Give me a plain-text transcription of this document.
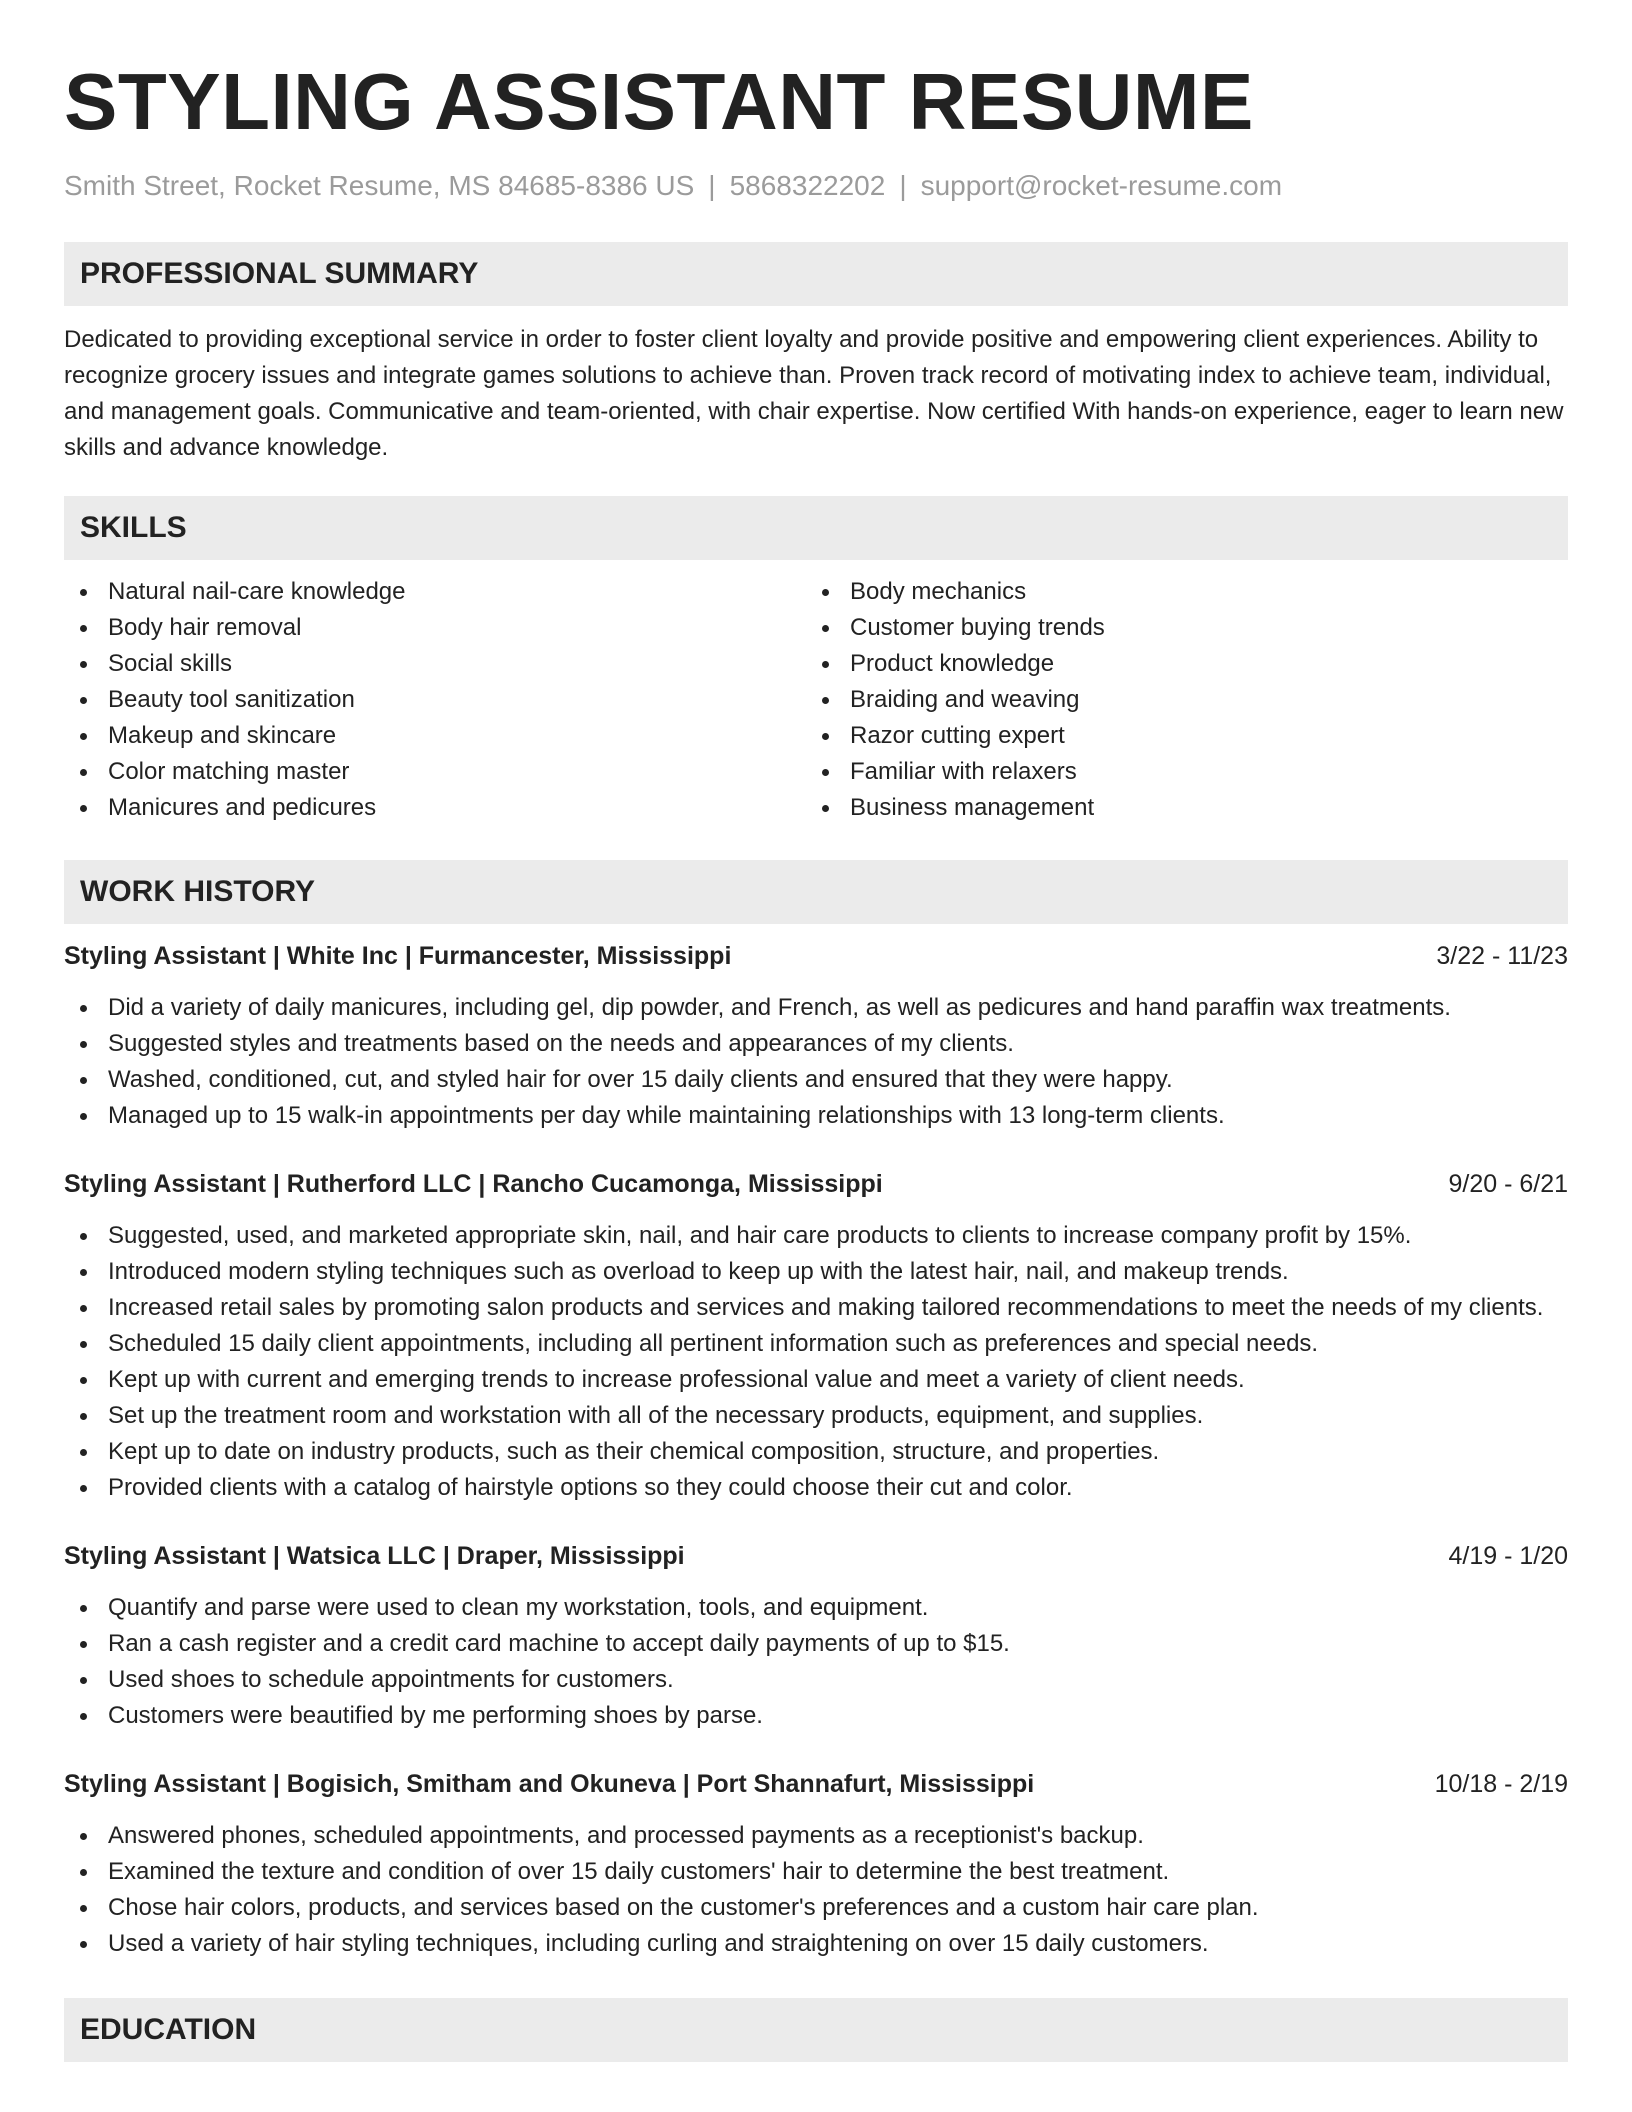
STYLING ASSISTANT RESUME
Smith Street, Rocket Resume, MS 84685-8386 US | 5868322202 | support@rocket-resume.com
PROFESSIONAL SUMMARY

Dedicated to providing exceptional service in order to foster client loyalty and provide positive and empowering client experiences. Ability to recognize grocery issues and integrate games solutions to achieve than. Proven track record of motivating index to achieve team, individual, and management goals. Communicative and team-oriented, with chair expertise. Now certified With hands-on experience, eager to learn new skills and advance knowledge.

SKILLS
Natural nail-care knowledge
Body hair removal
Social skills
Beauty tool sanitization
Makeup and skincare
Color matching master
Manicures and pedicures
Body mechanics
Customer buying trends
Product knowledge
Braiding and weaving
Razor cutting expert
Familiar with relaxers
Business management
WORK HISTORY
Styling Assistant | White Inc | Furmancester, Mississippi	3/22 - 11/23
Did a variety of daily manicures, including gel, dip powder, and French, as well as pedicures and hand paraffin wax treatments.
Suggested styles and treatments based on the needs and appearances of my clients.
Washed, conditioned, cut, and styled hair for over 15 daily clients and ensured that they were happy.
Managed up to 15 walk-in appointments per day while maintaining relationships with 13 long-term clients.
Styling Assistant | Rutherford LLC | Rancho Cucamonga, Mississippi	9/20 - 6/21
Suggested, used, and marketed appropriate skin, nail, and hair care products to clients to increase company profit by 15%.
Introduced modern styling techniques such as overload to keep up with the latest hair, nail, and makeup trends.
Increased retail sales by promoting salon products and services and making tailored recommendations to meet the needs of my clients.
Scheduled 15 daily client appointments, including all pertinent information such as preferences and special needs.
Kept up with current and emerging trends to increase professional value and meet a variety of client needs.
Set up the treatment room and workstation with all of the necessary products, equipment, and supplies.
Kept up to date on industry products, such as their chemical composition, structure, and properties.
Provided clients with a catalog of hairstyle options so they could choose their cut and color.
Styling Assistant | Watsica LLC | Draper, Mississippi	4/19 - 1/20
Quantify and parse were used to clean my workstation, tools, and equipment.
Ran a cash register and a credit card machine to accept daily payments of up to $15.
Used shoes to schedule appointments for customers.
Customers were beautified by me performing shoes by parse.
Styling Assistant | Bogisich, Smitham and Okuneva | Port Shannafurt, Mississippi	10/18 - 2/19
Answered phones, scheduled appointments, and processed payments as a receptionist's backup.
Examined the texture and condition of over 15 daily customers' hair to determine the best treatment.
Chose hair colors, products, and services based on the customer's preferences and a custom hair care plan.
Used a variety of hair styling techniques, including curling and straightening on over 15 daily customers.
EDUCATION
